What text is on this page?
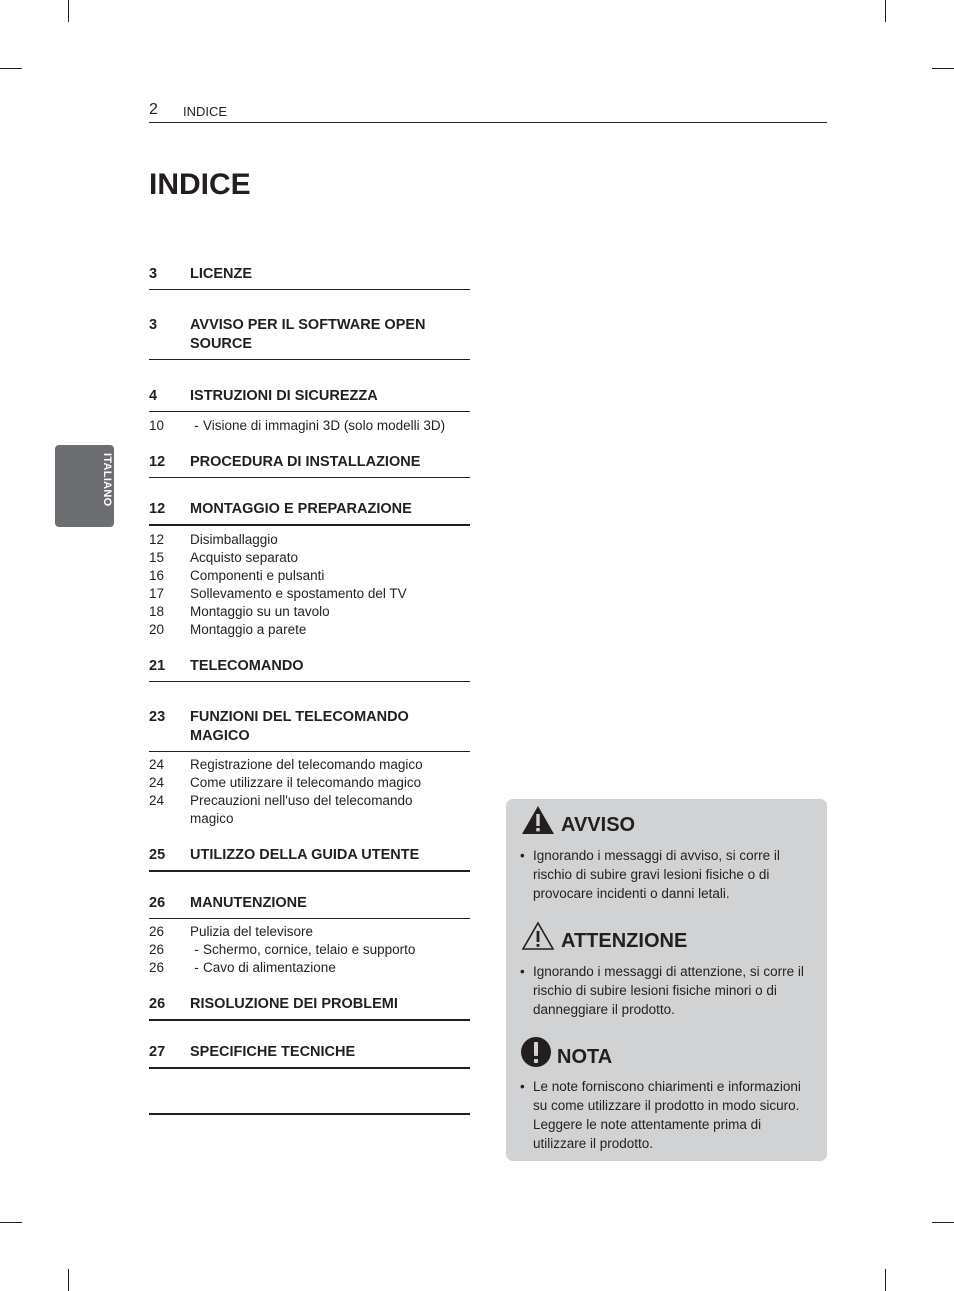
2 INDICE
INDICE
ITALIANO
3	LICENZE
3	AVVISO PER IL SOFTWARE OPEN SOURCE
4	ISTRUZIONI DI SICUREZZA
10	- Visione di immagini 3D (solo modelli 3D)
12	PROCEDURA DI INSTALLAZIONE
12	MONTAGGIO E PREPARAZIONE
12	Disimballaggio
15	Acquisto separato
16	Componenti e pulsanti
17	Sollevamento e spostamento del TV
18	Montaggio su un tavolo
20	Montaggio a parete
21	TELECOMANDO
23	FUNZIONI DEL TELECOMANDO MAGICO
24	Registrazione del telecomando magico
24	Come utilizzare il telecomando magico
24	Precauzioni nell'uso del telecomando magico
25	UTILIZZO DELLA GUIDA UTENTE
26	MANUTENZIONE
26	Pulizia del televisore
26	- Schermo, cornice, telaio e supporto
26	- Cavo di alimentazione
26	RISOLUZIONE DEI PROBLEMI
27	SPECIFICHE TECNICHE
AVVISO
• Ignorando i messaggi di avviso, si corre il rischio di subire gravi lesioni fisiche o di provocare incidenti o danni letali.
ATTENZIONE
• Ignorando i messaggi di attenzione, si corre il rischio di subire lesioni fisiche minori o di danneggiare il prodotto.
NOTA
• Le note forniscono chiarimenti e informazioni su come utilizzare il prodotto in modo sicuro. Leggere le note attentamente prima di utilizzare il prodotto.
